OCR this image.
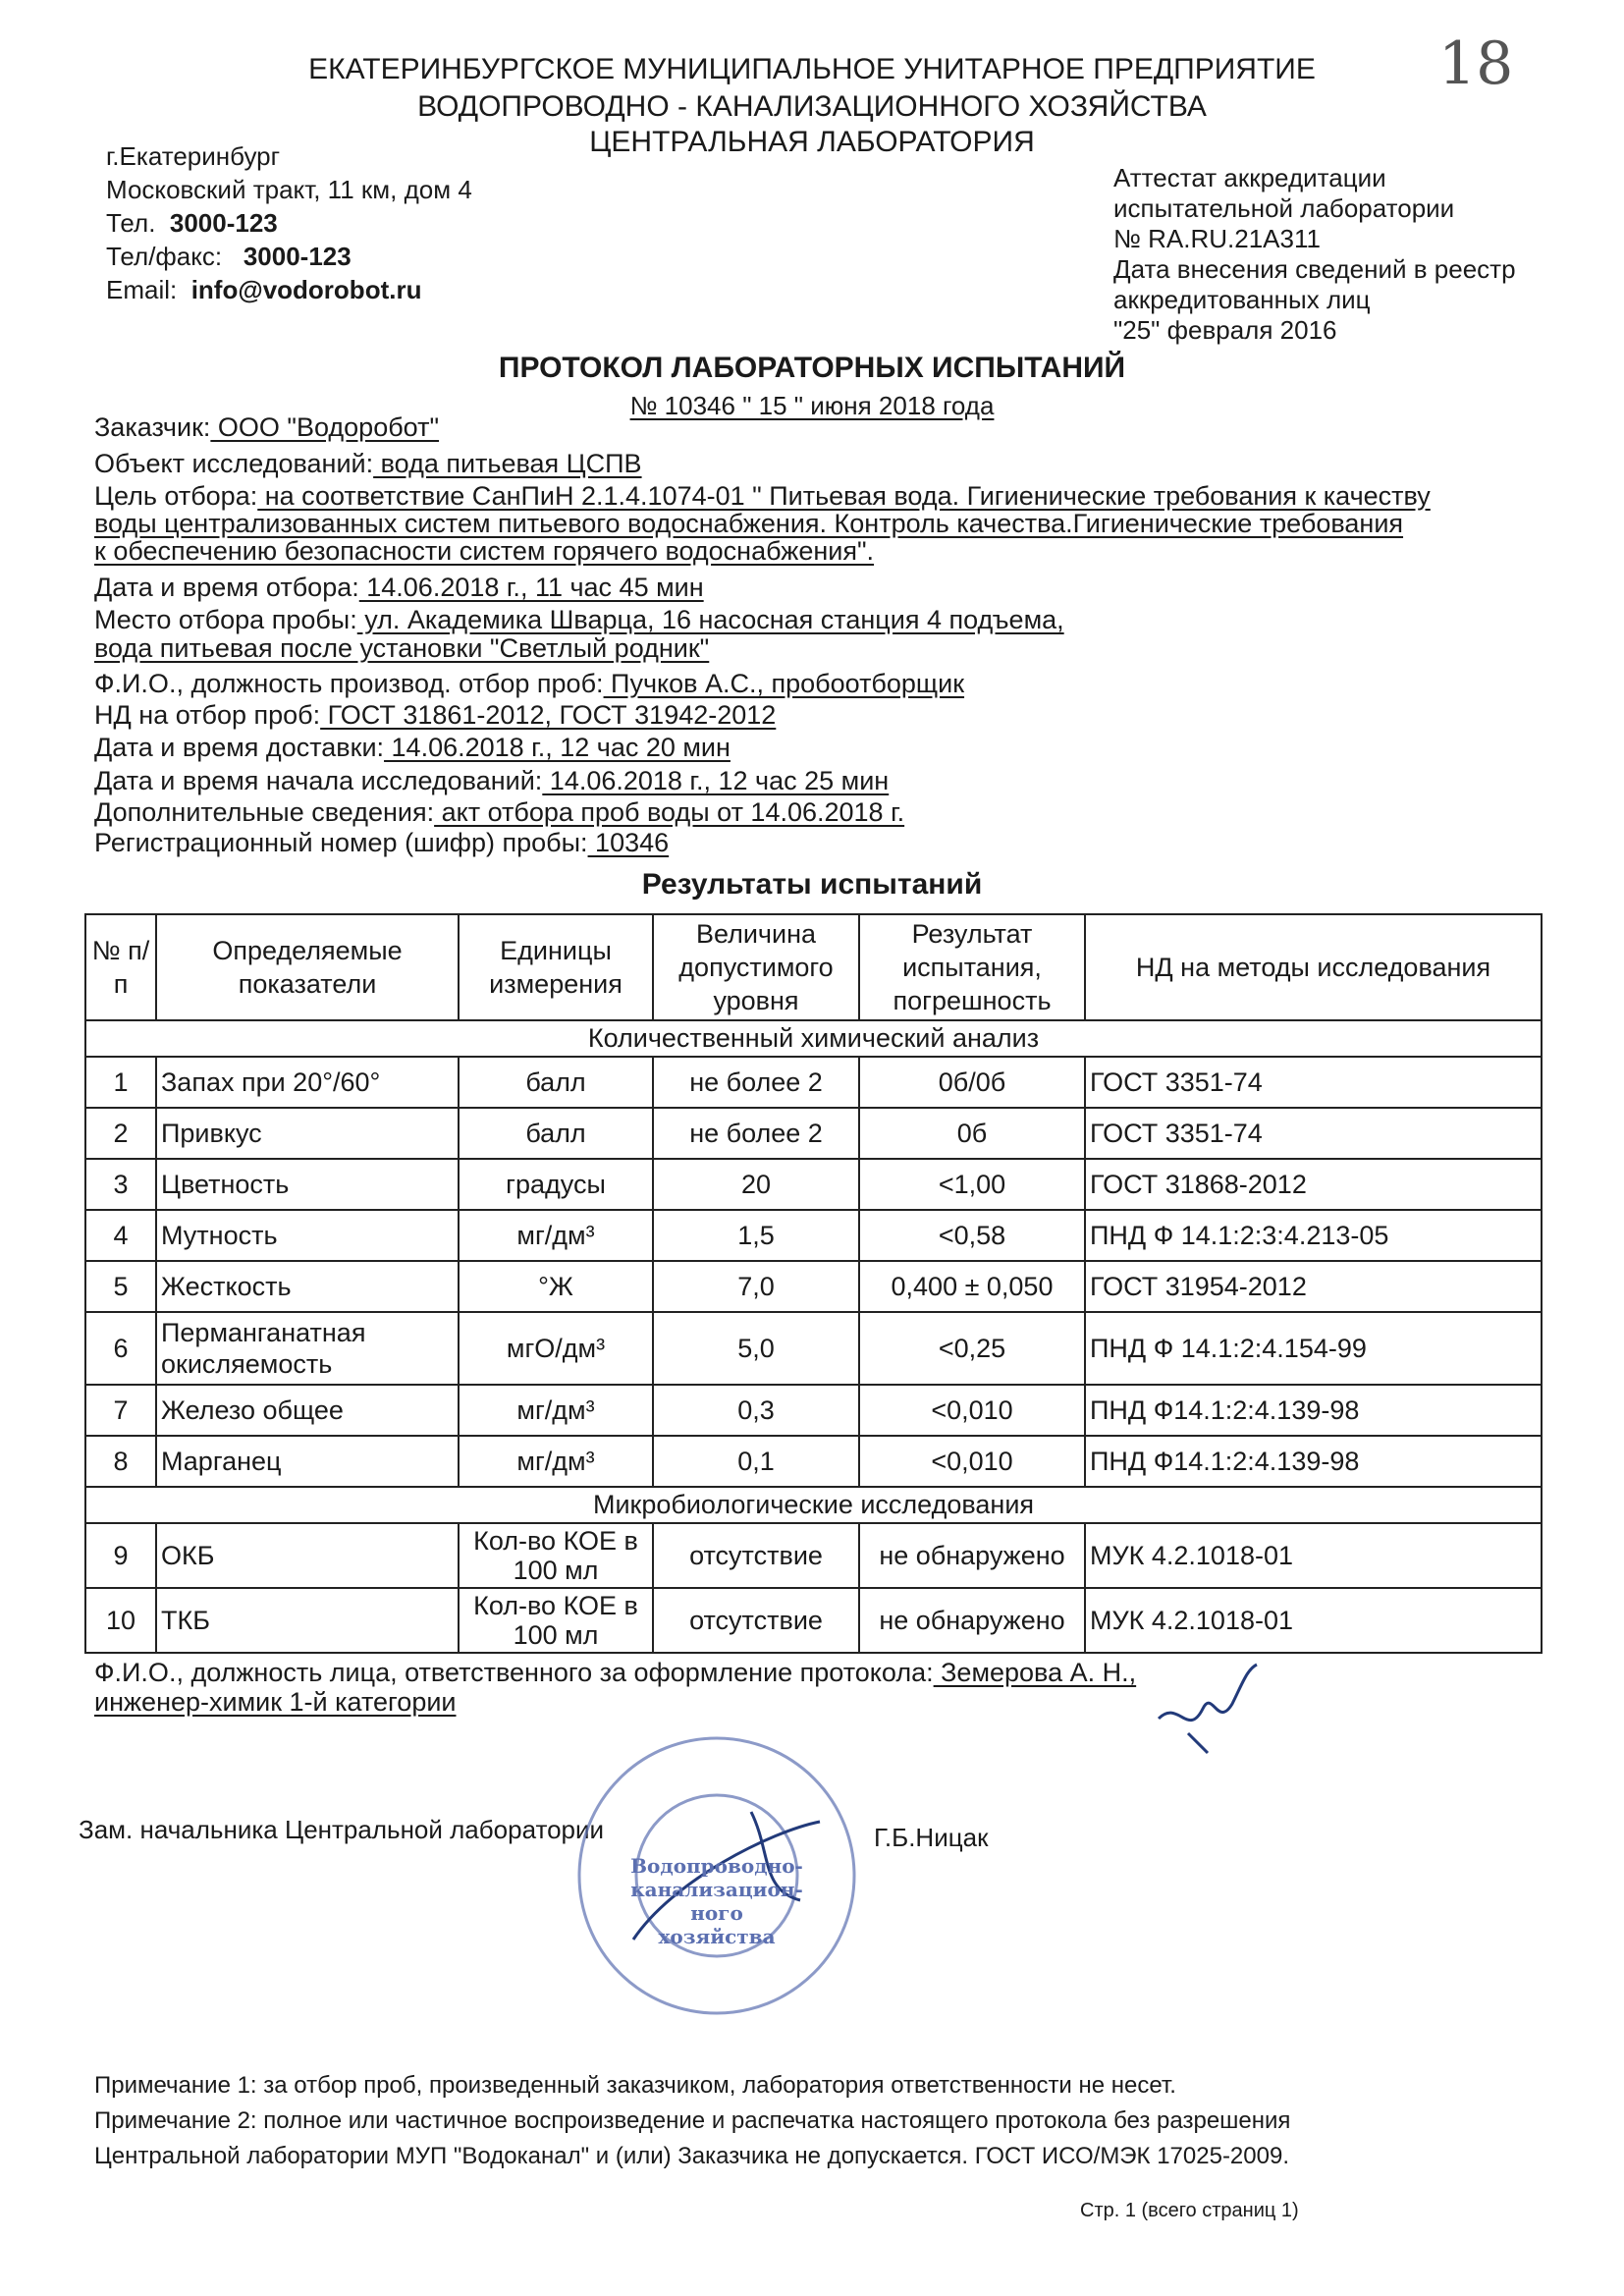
18
ЕКАТЕРИНБУРГСКОЕ МУНИЦИПАЛЬНОЕ УНИТАРНОЕ ПРЕДПРИЯТИЕ
ВОДОПРОВОДНО - КАНАЛИЗАЦИОННОГО ХОЗЯЙСТВА
ЦЕНТРАЛЬНАЯ ЛАБОРАТОРИЯ
г.Екатеринбург
Московский тракт, 11 км, дом 4
Тел. 3000-123
Тел/факс: 3000-123
Email: info@vodorobot.ru
Аттестат аккредитации
испытательной лаборатории
№ RA.RU.21А311
Дата внесения сведений в реестр
аккредитованных лиц
"25" февраля 2016
ПРОТОКОЛ ЛАБОРАТОРНЫХ ИСПЫТАНИЙ
№ 10346 " 15 " июня 2018 года
Заказчик: ООО "Водоробот"
Объект исследований: вода питьевая ЦСПВ
Цель отбора: на соответствие СанПиН 2.1.4.1074-01 " Питьевая вода. Гигиенические требования к качеству
воды централизованных систем питьевого водоснабжения. Контроль качества.Гигиенические требования
к обеспечению безопасности систем горячего водоснабжения".
Дата и время отбора: 14.06.2018 г., 11 час 45 мин
Место отбора пробы: ул. Академика Шварца, 16 насосная станция 4 подъема,
вода питьевая после установки "Светлый родник"
Ф.И.О., должность производ. отбор проб: Пучков А.С., пробоотборщик
НД на отбор проб: ГОСТ 31861-2012, ГОСТ 31942-2012
Дата и время доставки: 14.06.2018 г., 12 час 20 мин
Дата и время начала исследований: 14.06.2018 г., 12 час 25 мин
Дополнительные сведения: акт отбора проб воды от 14.06.2018 г.
Регистрационный номер (шифр) пробы: 10346
Результаты испытаний
№ п/п	Определяемые показатели	Единицы измерения	Величина допустимого уровня	Результат испытания, погрешность	НД на методы исследования
Количественный химический анализ					
1	Запах при 20°/60°	балл	не более 2	0б/0б	ГОСТ 3351-74
2	Привкус	балл	не более 2	0б	ГОСТ 3351-74
3	Цветность	градусы	20	<1,00	ГОСТ 31868-2012
4	Мутность	мг/дм³	1,5	<0,58	ПНД Ф 14.1:2:3:4.213-05
5	Жесткость	°Ж	7,0	0,400 ± 0,050	ГОСТ 31954-2012
6	Перманганатная окисляемость	мгО/дм³	5,0	<0,25	ПНД Ф 14.1:2:4.154-99
7	Железо общее	мг/дм³	0,3	<0,010	ПНД Ф14.1:2:4.139-98
8	Марганец	мг/дм³	0,1	<0,010	ПНД Ф14.1:2:4.139-98
Микробиологические исследования					
9	ОКБ	Кол-во КОЕ в 100 мл	отсутствие	не обнаружено	МУК 4.2.1018-01
10	ТКБ	Кол-во КОЕ в 100 мл	отсутствие	не обнаружено	МУК 4.2.1018-01
Ф.И.О., должность лица, ответственного за оформление протокола: Земерова А. Н.,
инженер-химик 1-й категории
Зам. начальника Центральной лаборатории	Г.Б.Ницак
Водопроводно-
канализацион-
ного
хозяйства
Примечание 1: за отбор проб, произведенный заказчиком, лаборатория ответственности не несет.
Примечание 2: полное или частичное воспроизведение и распечатка настоящего протокола без разрешения
Центральной лаборатории МУП "Водоканал" и (или) Заказчика не допускается. ГОСТ ИСО/МЭК 17025-2009.
Стр. 1 (всего страниц 1)
